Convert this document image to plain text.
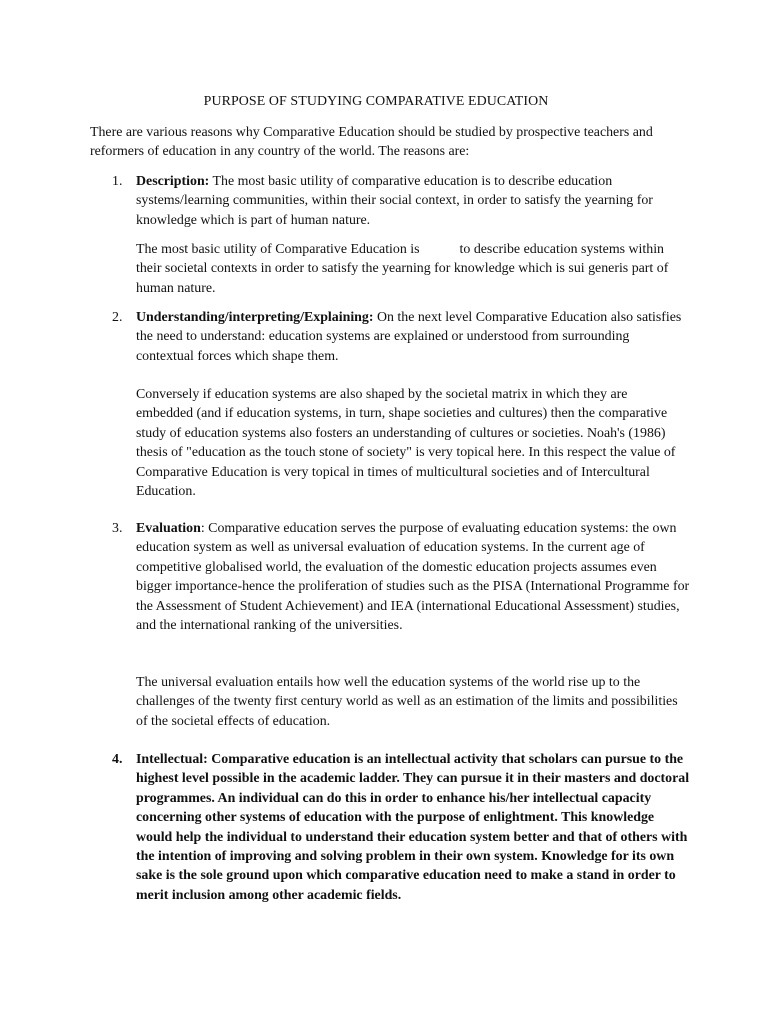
PURPOSE OF STUDYING COMPARATIVE EDUCATION

There are various reasons why Comparative Education should be studied by prospective teachers and reformers of education in any country of the world. The reasons are:

1. Description: The most basic utility of comparative education is to describe education systems/learning communities, within their social context, in order to satisfy the yearning for knowledge which is part of human nature.

The most basic utility of Comparative Education is	to describe education systems within their societal contexts in order to satisfy the yearning for knowledge which is sui generis part of human nature.

2. Understanding/interpreting/Explaining: On the next level Comparative Education also satisfies the need to understand: education systems are explained or understood from surrounding contextual forces which shape them.

Conversely if education systems are also shaped by the societal matrix in which they are embedded (and if education systems, in turn, shape societies and cultures) then the comparative study of education systems also fosters an understanding of cultures or societies. Noah's (1986) thesis of "education as the touch stone of society" is very topical here. In this respect the value of Comparative Education is very topical in times of multicultural societies and of Intercultural Education.

3. Evaluation: Comparative education serves the purpose of evaluating education systems: the own education system as well as universal evaluation of education systems. In the current age of competitive globalised world, the evaluation of the domestic education projects assumes even bigger importance-hence the proliferation of studies such as the PISA (International Programme for the Assessment of Student Achievement) and IEA (international Educational Assessment) studies, and the international ranking of the universities.

The universal evaluation entails how well the education systems of the world rise up to the challenges of the twenty first century world as well as an estimation of the limits and possibilities of the societal effects of education.

4. Intellectual: Comparative education is an intellectual activity that scholars can pursue to the highest level possible in the academic ladder. They can pursue it in their masters and doctoral programmes. An individual can do this in order to enhance his/her intellectual capacity concerning other systems of education with the purpose of enlightment. This knowledge would help the individual to understand their education system better and that of others with the intention of improving and solving problem in their own system. Knowledge for its own sake is the sole ground upon which comparative education need to make a stand in order to merit inclusion among other academic fields.
